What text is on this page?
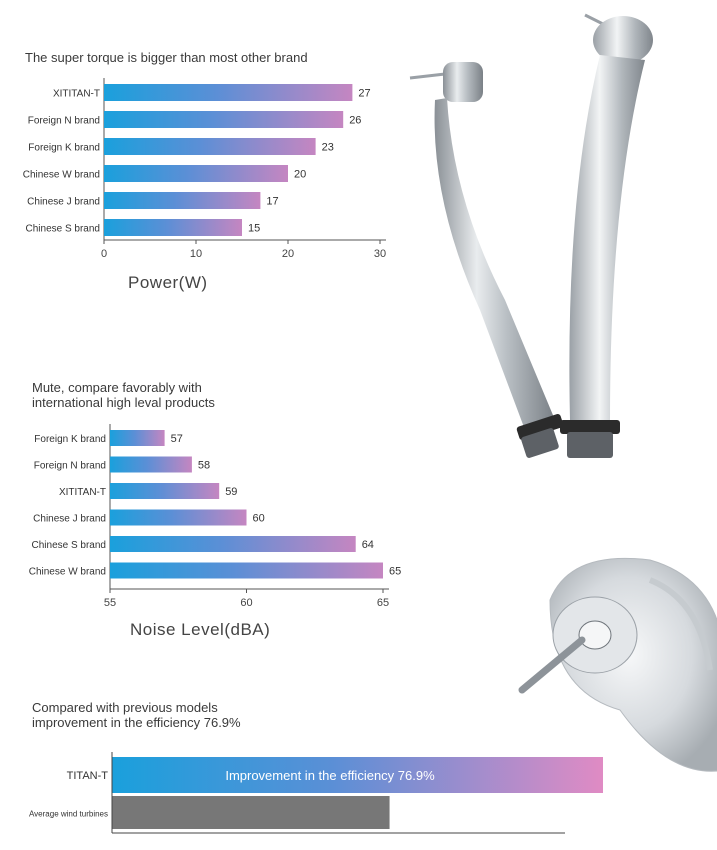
The super torque is bigger than most other brand
0	10	20	30
XITITAN-T	27
Foreign N brand	26
Foreign K brand	23
Chinese W brand	20
Chinese J brand	17
Chinese S brand	15
Power(W)
Mute, compare favorably with
international high leval products
55	60	65
Foreign K brand	57
Foreign N brand	58
XITITAN-T	59
Chinese J brand	60
Chinese S brand	64
Chinese W brand	65
Noise Level(dBA)
Compared with previous models
improvement in the efficiency 76.9%
TITAN-T
Average wind turbines
Improvement in the efficiency 76.9%
